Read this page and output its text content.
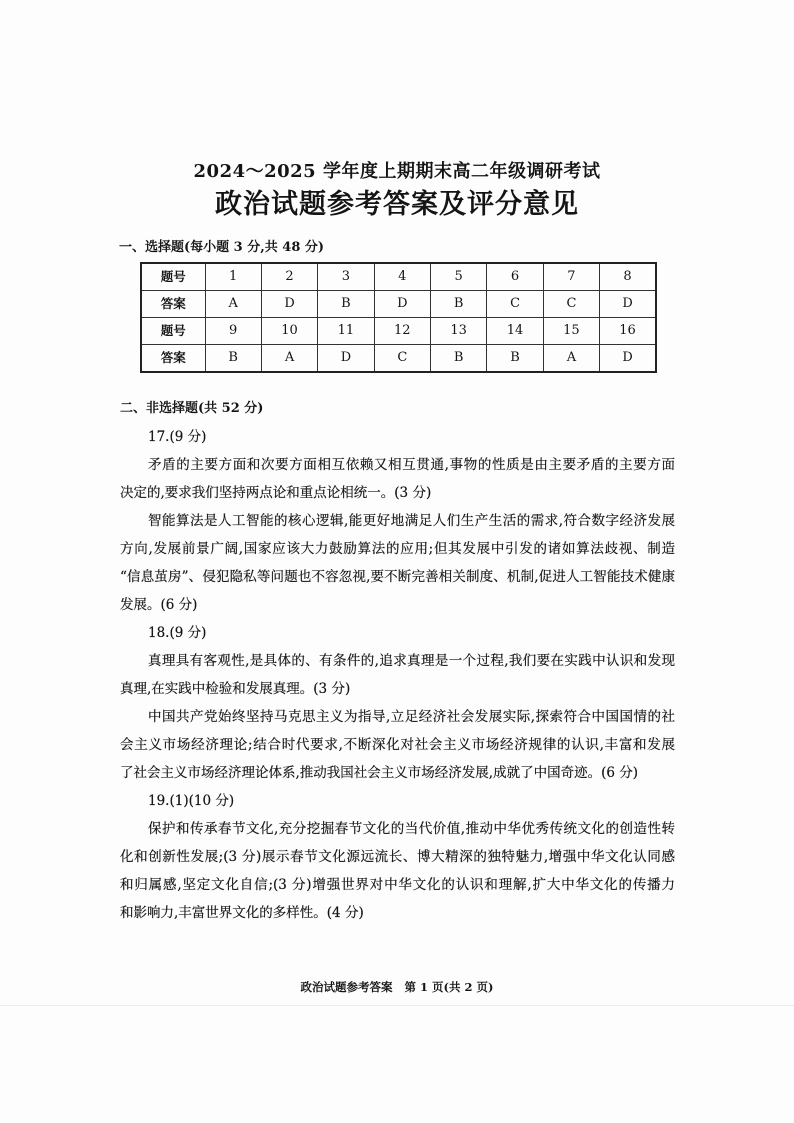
2024～2025 学年度上期期末高二年级调研考试
政治试题参考答案及评分意见
一、选择题(每小题 3 分,共 48 分)
题号	1	2	3	4	5	6	7	8
答案	A	D	B	D	B	C	C	D
题号	9	10	11	12	13	14	15	16
答案	B	A	D	C	B	B	A	D
二、非选择题(共 52 分)
17.(9 分)
矛盾的主要方面和次要方面相互依赖又相互贯通,事物的性质是由主要矛盾的主要方面
决定的,要求我们坚持两点论和重点论相统一。(3 分)
智能算法是人工智能的核心逻辑,能更好地满足人们生产生活的需求,符合数字经济发展
方向,发展前景广阔,国家应该大力鼓励算法的应用;但其发展中引发的诸如算法歧视、制造
“信息茧房”、侵犯隐私等问题也不容忽视,要不断完善相关制度、机制,促进人工智能技术健康
发展。(6 分)
18.(9 分)
真理具有客观性,是具体的、有条件的,追求真理是一个过程,我们要在实践中认识和发现
真理,在实践中检验和发展真理。(3 分)
中国共产党始终坚持马克思主义为指导,立足经济社会发展实际,探索符合中国国情的社
会主义市场经济理论;结合时代要求,不断深化对社会主义市场经济规律的认识,丰富和发展
了社会主义市场经济理论体系,推动我国社会主义市场经济发展,成就了中国奇迹。(6 分)
19.(1)(10 分)
保护和传承春节文化,充分挖掘春节文化的当代价值,推动中华优秀传统文化的创造性转
化和创新性发展;(3 分)展示春节文化源远流长、博大精深的独特魅力,增强中华文化认同感
和归属感,坚定文化自信;(3 分)增强世界对中华文化的认识和理解,扩大中华文化的传播力
和影响力,丰富世界文化的多样性。(4 分)
政治试题参考答案 第 1 页(共 2 页)
